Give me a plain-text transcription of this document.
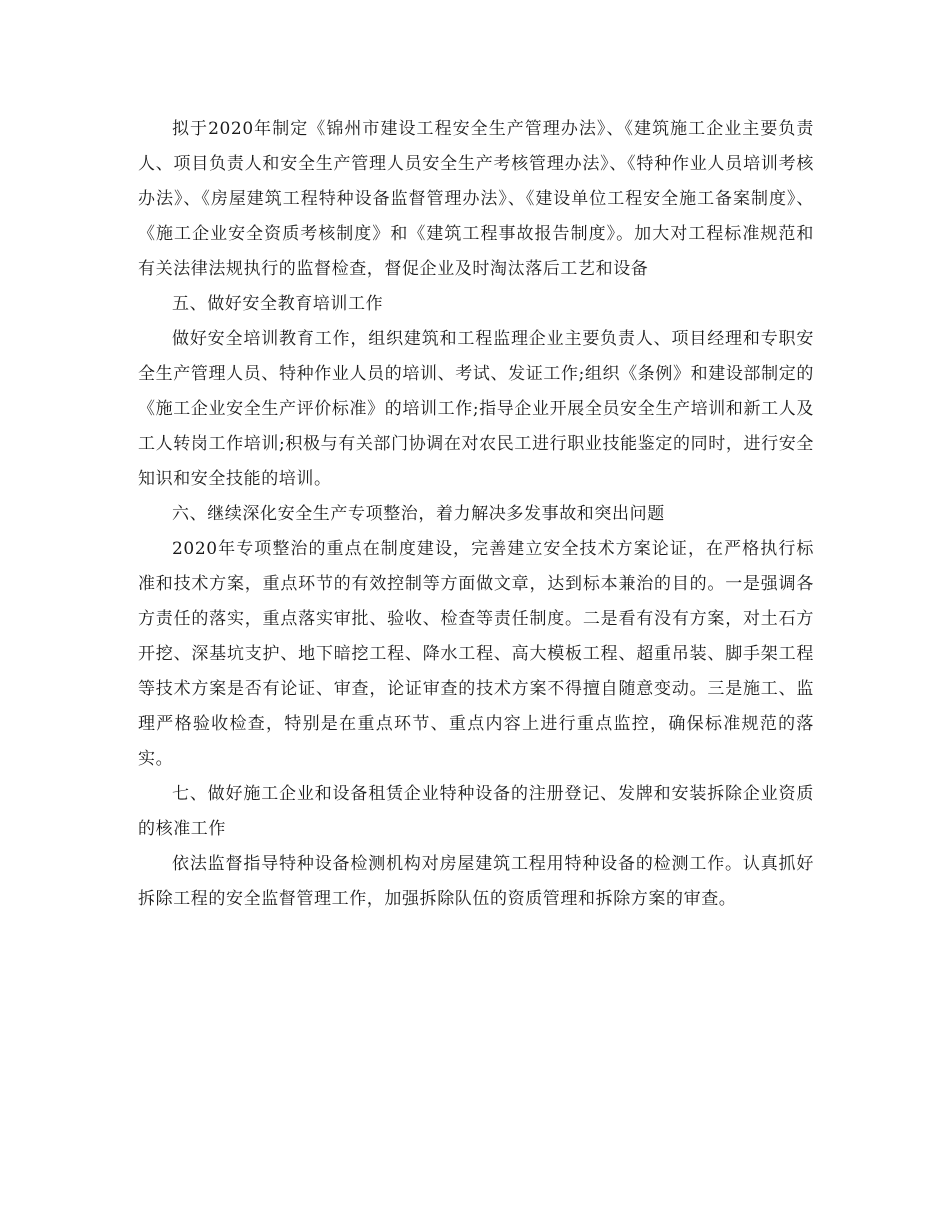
拟于2020年制定《锦州市建设工程安全生产管理办法》、《建筑施工企业主要负责人、项目负责人和安全生产管理人员安全生产考核管理办法》、《特种作业人员培训考核办法》、《房屋建筑工程特种设备监督管理办法》、《建设单位工程安全施工备案制度》、《施工企业安全资质考核制度》和《建筑工程事故报告制度》。加大对工程标准规范和有关法律法规执行的监督检查，督促企业及时淘汰落后工艺和设备

五、做好安全教育培训工作

做好安全培训教育工作，组织建筑和工程监理企业主要负责人、项目经理和专职安全生产管理人员、特种作业人员的培训、考试、发证工作;组织《条例》和建设部制定的《施工企业安全生产评价标准》的培训工作;指导企业开展全员安全生产培训和新工人及工人转岗工作培训;积极与有关部门协调在对农民工进行职业技能鉴定的同时，进行安全知识和安全技能的培训。

六、继续深化安全生产专项整治，着力解决多发事故和突出问题

2020年专项整治的重点在制度建设，完善建立安全技术方案论证，在严格执行标准和技术方案，重点环节的有效控制等方面做文章，达到标本兼治的目的。一是强调各方责任的落实，重点落实审批、验收、检查等责任制度。二是看有没有方案，对土石方开挖、深基坑支护、地下暗挖工程、降水工程、高大模板工程、超重吊装、脚手架工程等技术方案是否有论证、审查，论证审查的技术方案不得擅自随意变动。三是施工、监理严格验收检查，特别是在重点环节、重点内容上进行重点监控，确保标准规范的落实。

七、做好施工企业和设备租赁企业特种设备的注册登记、发牌和安装拆除企业资质的核准工作

依法监督指导特种设备检测机构对房屋建筑工程用特种设备的检测工作。认真抓好拆除工程的安全监督管理工作，加强拆除队伍的资质管理和拆除方案的审查。
